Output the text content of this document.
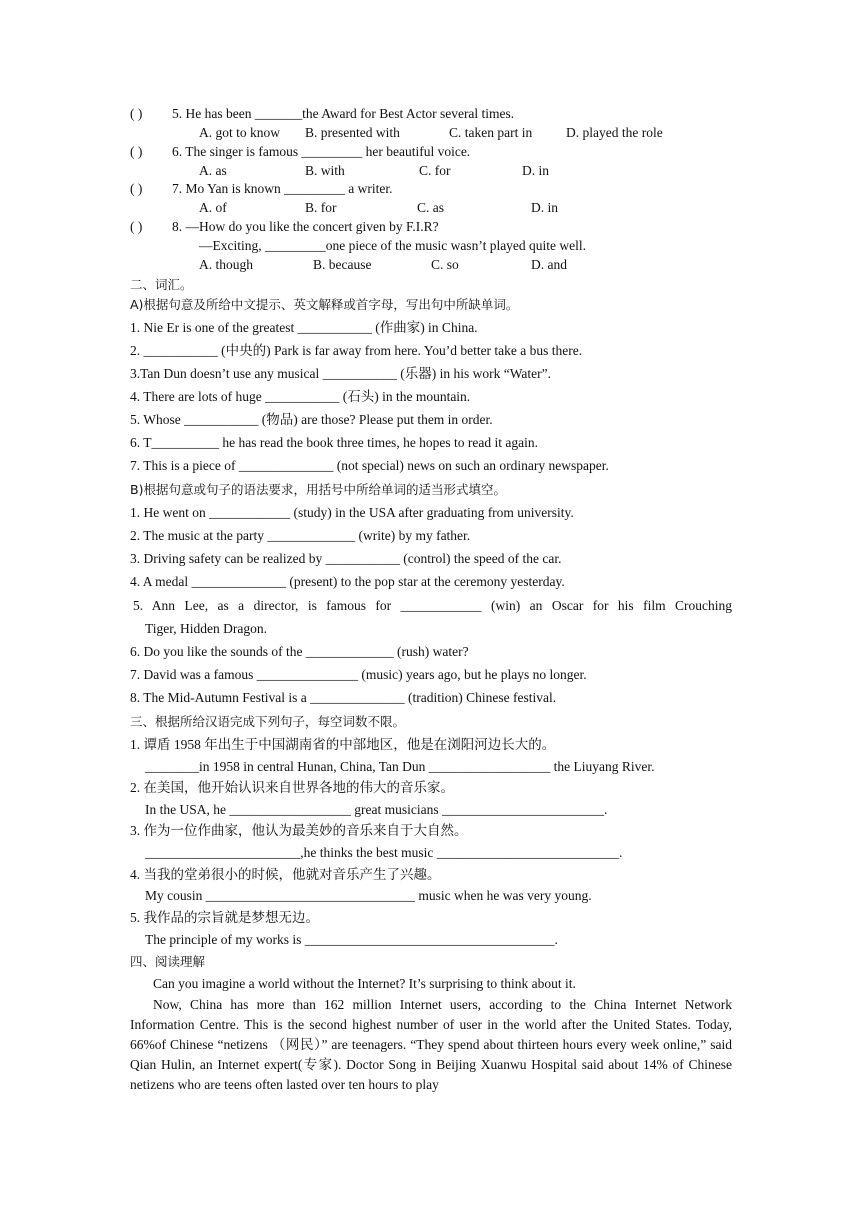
( )	5. He has been _______the Award for Best Actor several times.
A. got to know B. presented with	C. taken part in	D. played the role
( )	6. The singer is famous _________ her beautiful voice.
A. as	B. with	C. for	D. in
( )	7. Mo Yan is known _________ a writer.
A. of	B. for	C. as	D. in
( )	8. —How do you like the concert given by F.I.R?
—Exciting, _________one piece of the music wasn’t played quite well.
A. though	B. because	C. so	D. and
二、词汇。
A)根据句意及所给中文提示、英文解释或首字母，写出句中所缺单词。
1. Nie Er is one of the greatest ___________ (作曲家) in China.
2. ___________ (中央的) Park is far away from here. You’d better take a bus there.
3.Tan Dun doesn’t use any musical ___________ (乐器) in his work “Water”.
4. There are lots of huge ___________ (石头) in the mountain.
5. Whose ___________ (物品) are those? Please put them in order.
6. T__________ he has read the book three times, he hopes to read it again.
7. This is a piece of ______________ (not special) news on such an ordinary newspaper.
B)根据句意或句子的语法要求，用括号中所给单词的适当形式填空。
1. He went on ____________ (study) in the USA after graduating from university.
2. The music at the party _____________ (write) by my father.
3. Driving safety can be realized by ___________ (control) the speed of the car.
4. A medal ______________ (present) to the pop star at the ceremony yesterday.
5. Ann Lee, as a director, is famous for ____________ (win) an Oscar for his film Crouching
Tiger, Hidden Dragon.
6. Do you like the sounds of the _____________ (rush) water?
7. David was a famous _______________ (music) years ago, but he plays no longer.
8. The Mid-Autumn Festival is a ______________ (tradition) Chinese festival.
三、根据所给汉语完成下列句子，每空词数不限。
1. 谭盾 1958 年出生于中国湖南省的中部地区，他是在浏阳河边长大的。
________in 1958 in central Hunan, China, Tan Dun __________________ the Liuyang River.
2. 在美国，他开始认识来自世界各地的伟大的音乐家。
In the USA, he __________________ great musicians ________________________.
3. 作为一位作曲家，他认为最美妙的音乐来自于大自然。
_______________________,he thinks the best music ___________________________.
4. 当我的堂弟很小的时候，他就对音乐产生了兴趣。
My cousin _______________________________ music when he was very young.
5. 我作品的宗旨就是梦想无边。
The principle of my works is _____________________________________.
四、阅读理解
Can you imagine a world without the Internet? It’s surprising to think about it.
Now, China has more than 162 million Internet users, according to the China Internet Network Information Centre. This is the second highest number of user in the world after the United States. Today, 66%of Chinese “netizens （网民）” are teenagers. “They spend about thirteen hours every week online,” said Qian Hulin, an Internet expert(专家). Doctor Song in Beijing Xuanwu Hospital said about 14% of Chinese netizens who are teens often lasted over ten hours to play
